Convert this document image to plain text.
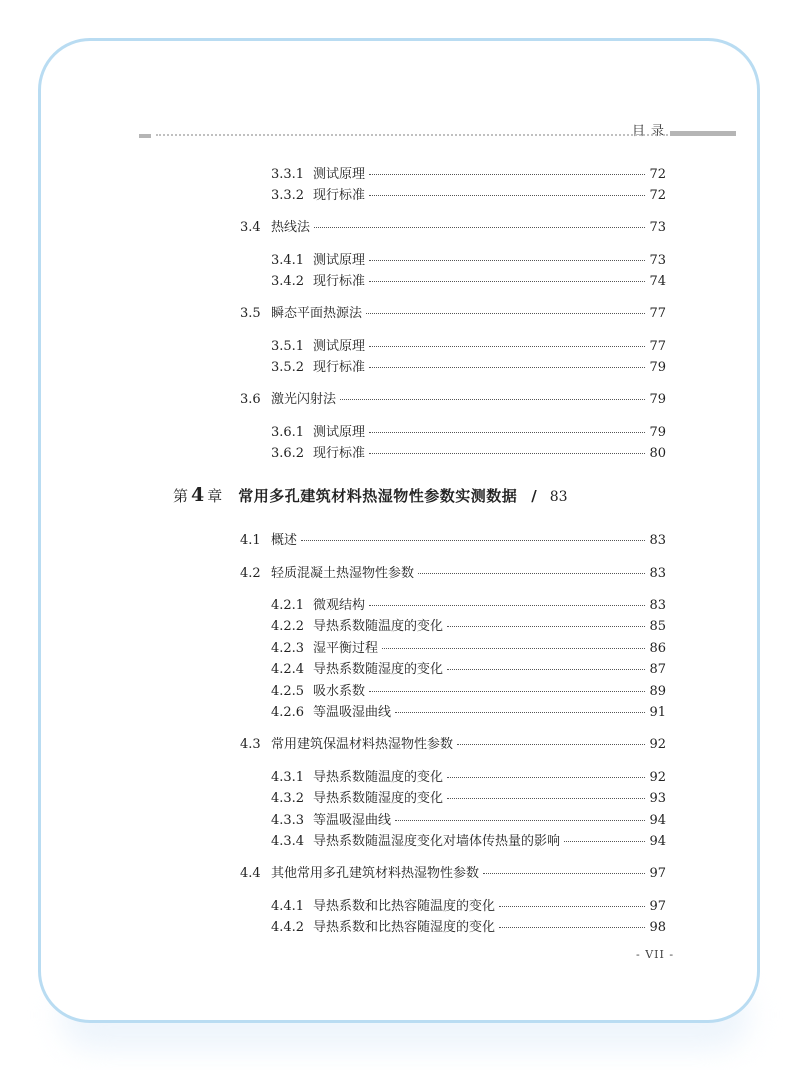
目录
3.3.1 测试原理	72
3.3.2 现行标准	72
3.4 热线法	73
3.4.1 测试原理	73
3.4.2 现行标准	74
3.5 瞬态平面热源法	77
3.5.1 测试原理	77
3.5.2 现行标准	79
3.6 激光闪射法	79
3.6.1 测试原理	79
3.6.2 现行标准	80
第 4 章 常用多孔建筑材料热湿物性参数实测数据 / 83
4.1 概述	83
4.2 轻质混凝土热湿物性参数	83
4.2.1 微观结构	83
4.2.2 导热系数随温度的变化	85
4.2.3 湿平衡过程	86
4.2.4 导热系数随湿度的变化	87
4.2.5 吸水系数	89
4.2.6 等温吸湿曲线	91
4.3 常用建筑保温材料热湿物性参数	92
4.3.1 导热系数随温度的变化	92
4.3.2 导热系数随湿度的变化	93
4.3.3 等温吸湿曲线	94
4.3.4 导热系数随温湿度变化对墙体传热量的影响	94
4.4 其他常用多孔建筑材料热湿物性参数	97
4.4.1 导热系数和比热容随温度的变化	97
4.4.2 导热系数和比热容随湿度的变化	98
- VII -
